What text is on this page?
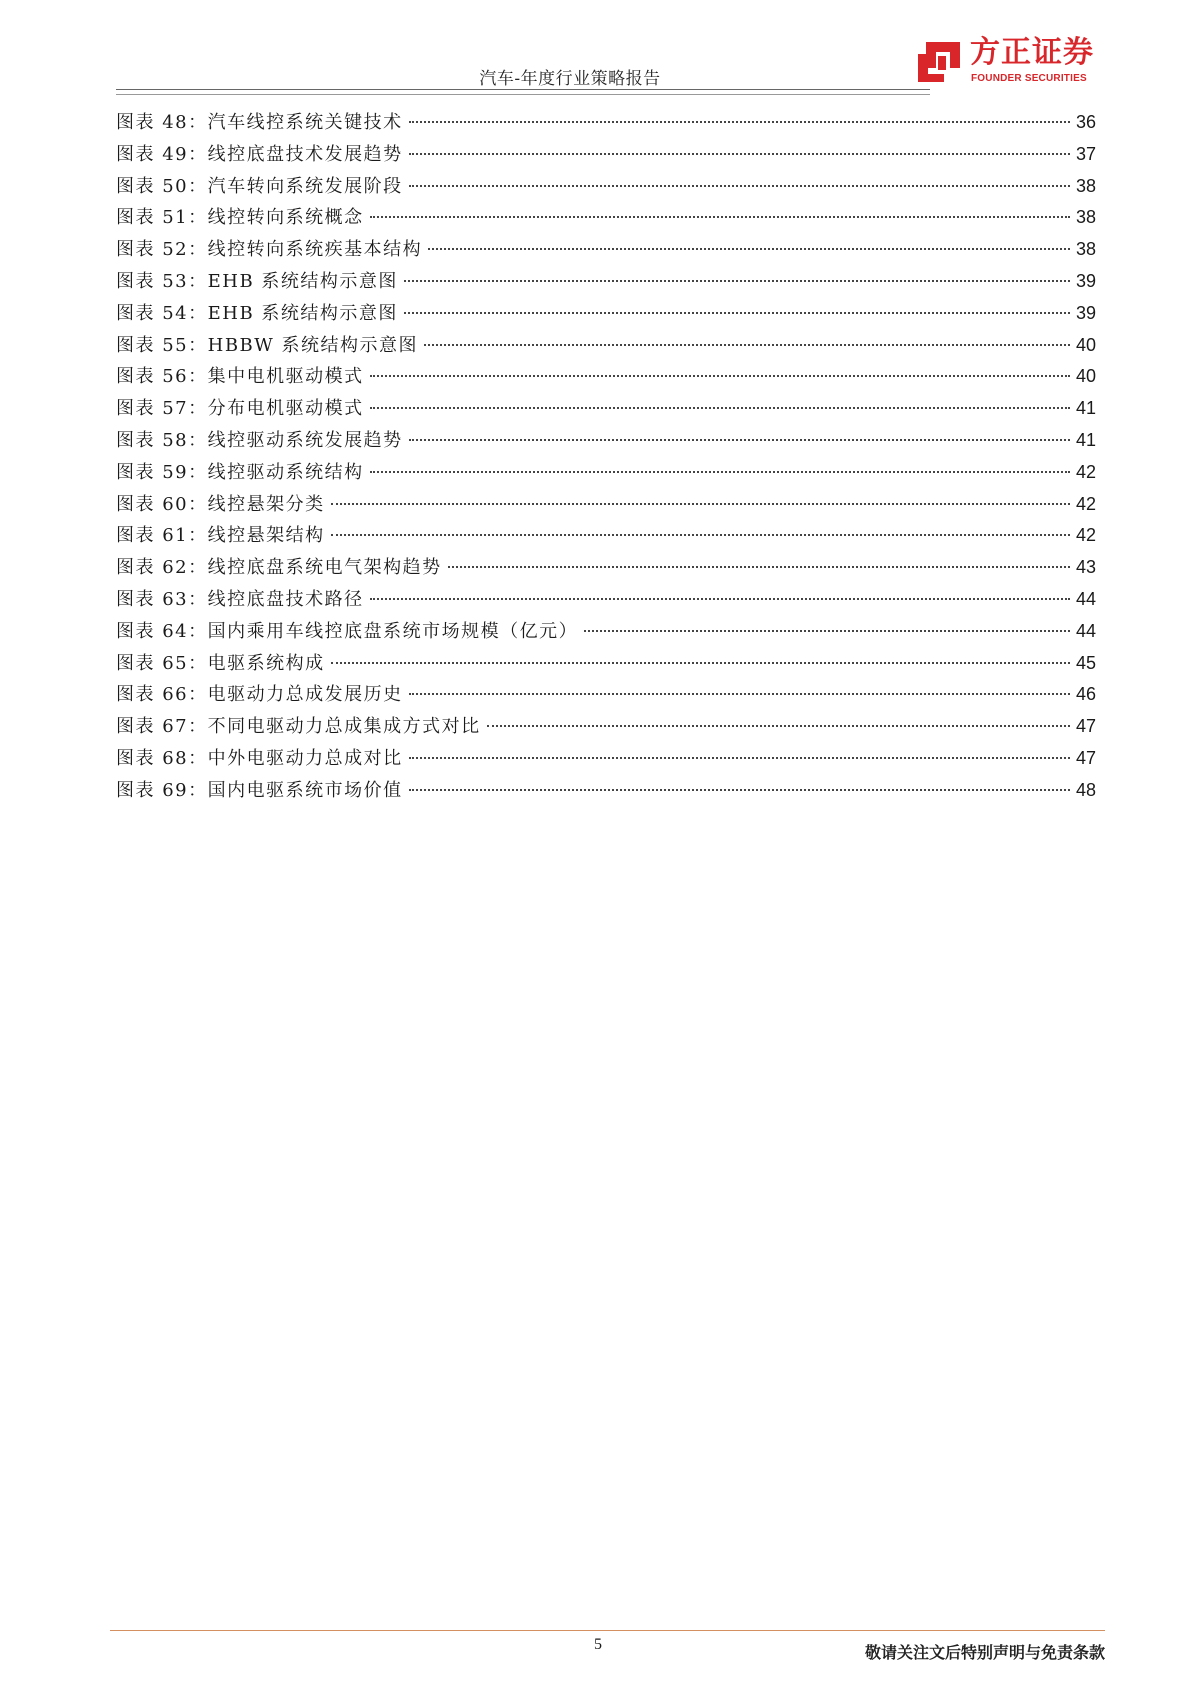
汽车-年度行业策略报告
方正证券
FOUNDER SECURITIES
图表 48：汽车线控系统关键技术	36
图表 49：线控底盘技术发展趋势	37
图表 50：汽车转向系统发展阶段	38
图表 51：线控转向系统概念	38
图表 52：线控转向系统疾基本结构	38
图表 53：EHB 系统结构示意图	39
图表 54：EHB 系统结构示意图	39
图表 55：HBBW 系统结构示意图	40
图表 56：集中电机驱动模式	40
图表 57：分布电机驱动模式	41
图表 58：线控驱动系统发展趋势	41
图表 59：线控驱动系统结构	42
图表 60：线控悬架分类	42
图表 61：线控悬架结构	42
图表 62：线控底盘系统电气架构趋势	43
图表 63：线控底盘技术路径	44
图表 64：国内乘用车线控底盘系统市场规模（亿元）	44
图表 65：电驱系统构成	45
图表 66：电驱动力总成发展历史	46
图表 67：不同电驱动力总成集成方式对比	47
图表 68：中外电驱动力总成对比	47
图表 69：国内电驱系统市场价值	48
5	敬请关注文后特别声明与免责条款
